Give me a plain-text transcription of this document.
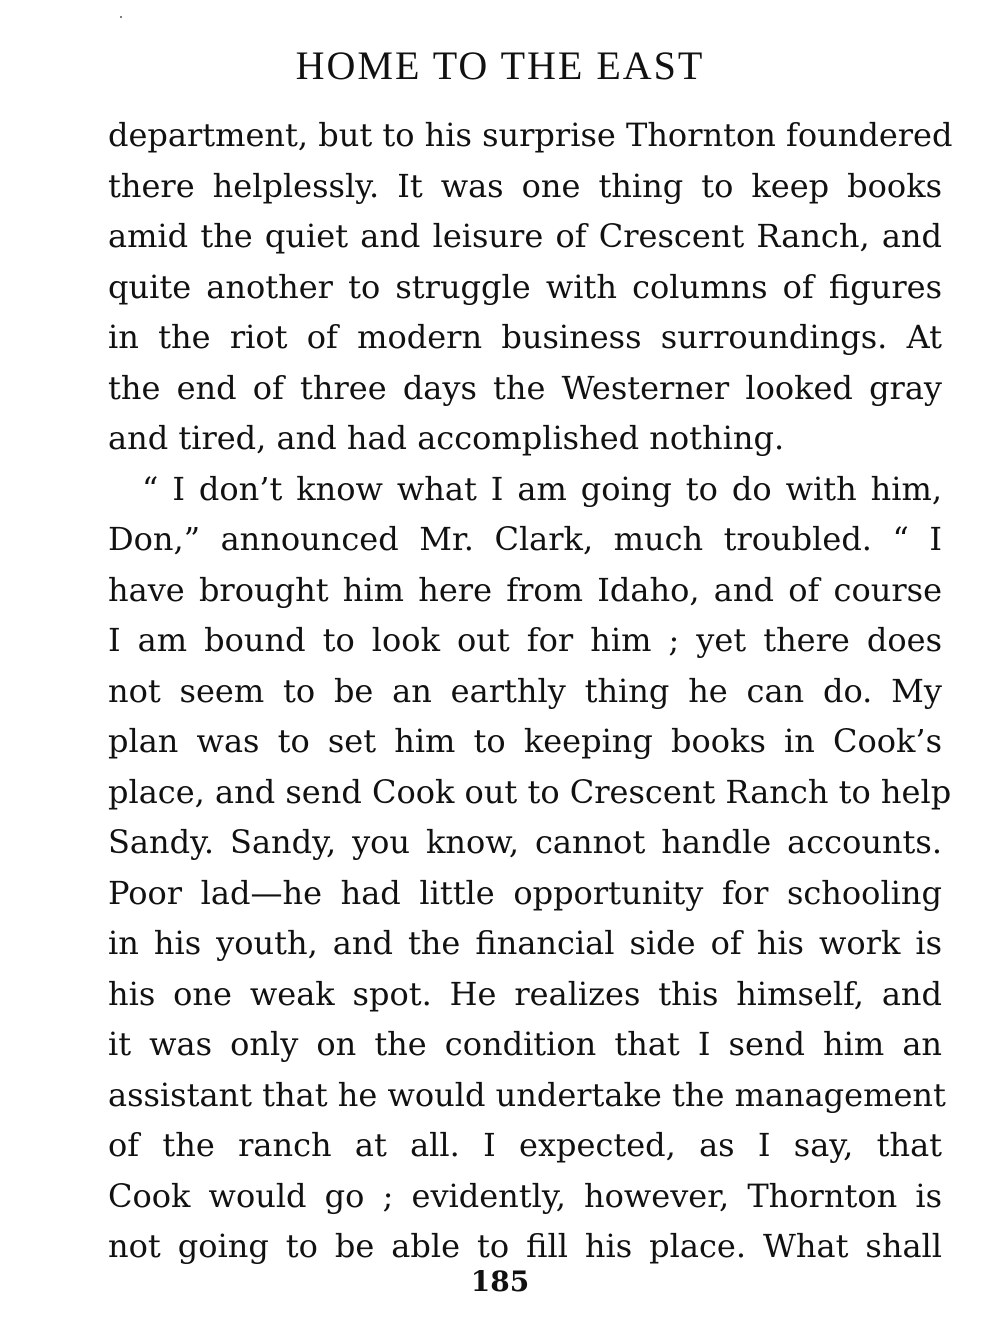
HOME TO THE EAST
department, but to his surprise Thornton foundered
there helplessly. It was one thing to keep books
amid the quiet and leisure of Crescent Ranch, and
quite another to struggle with columns of figures
in the riot of modern business surroundings. At
the end of three days the Westerner looked gray
and tired, and had accomplished nothing.
“ I don’t know what I am going to do with him,
Don,” announced Mr. Clark, much troubled. “ I
have brought him here from Idaho, and of course
I am bound to look out for him ; yet there does
not seem to be an earthly thing he can do. My
plan was to set him to keeping books in Cook’s
place, and send Cook out to Crescent Ranch to help
Sandy. Sandy, you know, cannot handle accounts.
Poor lad—he had little opportunity for schooling
in his youth, and the financial side of his work is
his one weak spot. He realizes this himself, and
it was only on the condition that I send him an
assistant that he would undertake the management
of the ranch at all. I expected, as I say, that
Cook would go ; evidently, however, Thornton is
not going to be able to fill his place. What shall
185
